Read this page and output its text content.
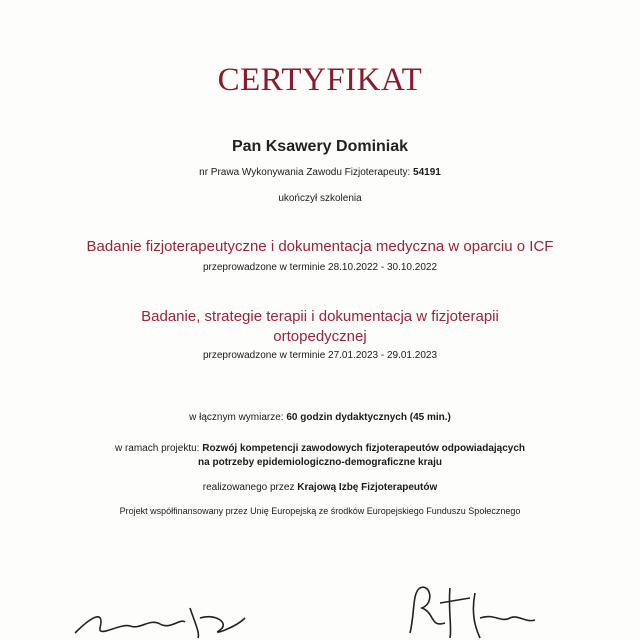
CERTYFIKAT
Pan Ksawery Dominiak
nr Prawa Wykonywania Zawodu Fizjoterapeuty: 54191
ukończył szkolenia
Badanie fizjoterapeutyczne i dokumentacja medyczna w oparciu o ICF
przeprowadzone w terminie 28.10.2022 - 30.10.2022
Badanie, strategie terapii i dokumentacja w fizjoterapii
ortopedycznej
przeprowadzone w terminie 27.01.2023 - 29.01.2023
w łącznym wymiarze: 60 godzin dydaktycznych (45 min.)
w ramach projektu: Rozwój kompetencji zawodowych fizjoterapeutów odpowiadających
na potrzeby epidemiologiczno-demograficzne kraju
realizowanego przez Krajową Izbę Fizjoterapeutów
Projekt współfinansowany przez Unię Europejską ze środków Europejskiego Funduszu Społecznego
